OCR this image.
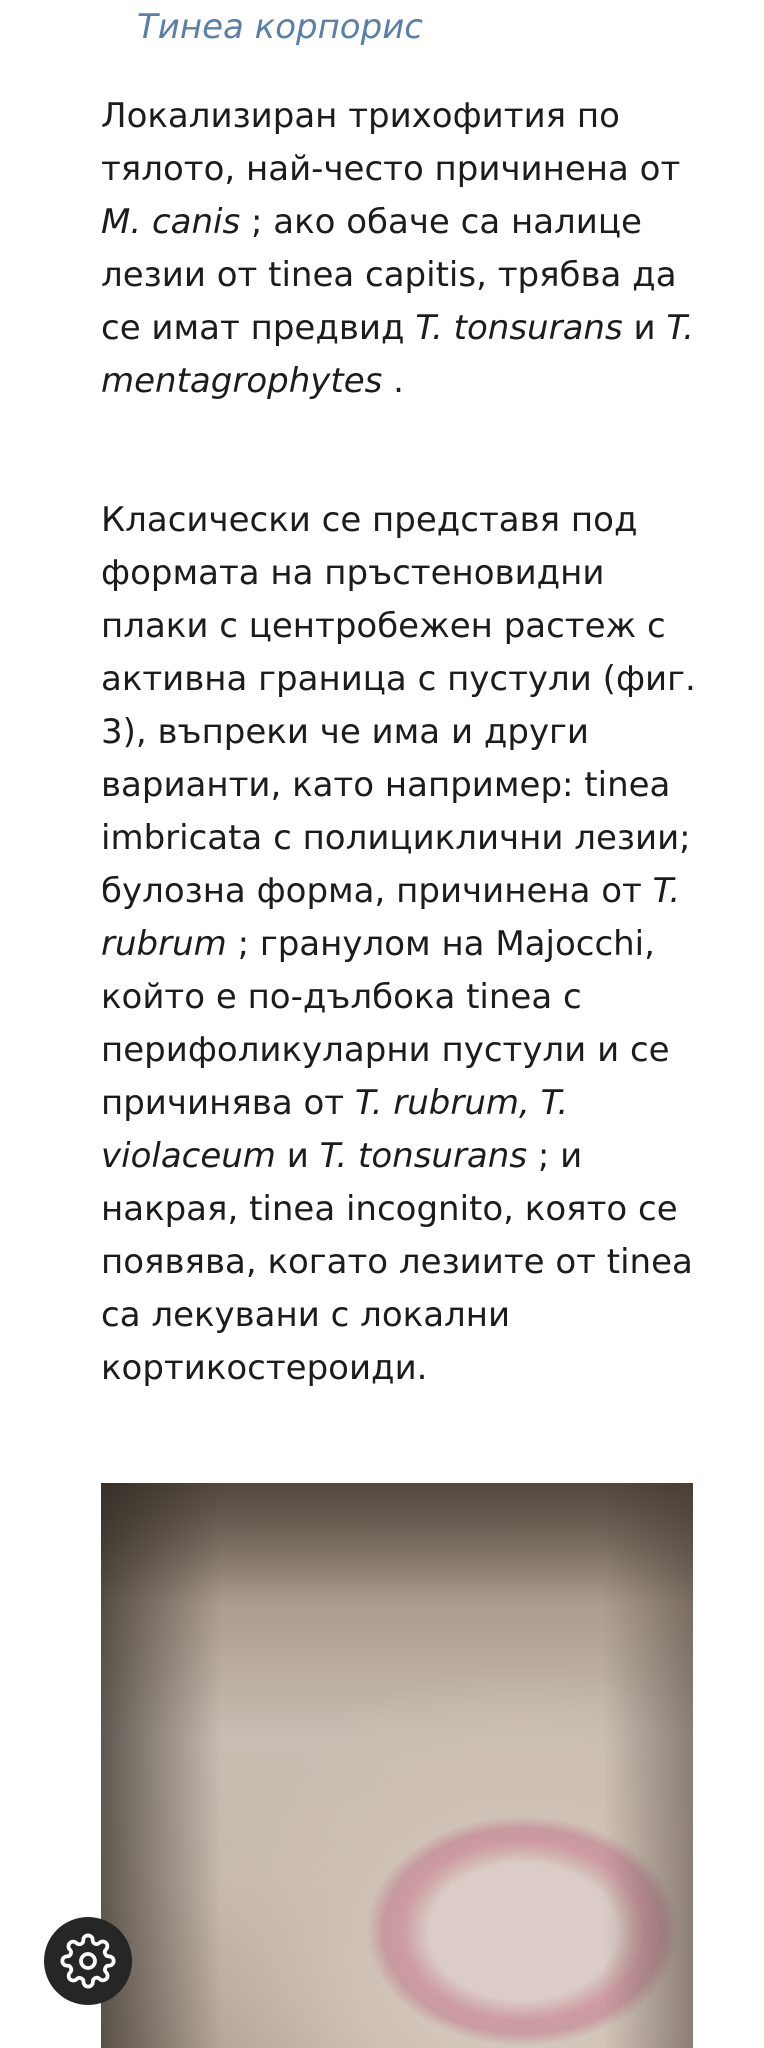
Тинеа корпорис

Локализиран трихофития по тялото, най-често причинена от M. canis ; ако обаче са налице лезии от tinea capitis, трябва да се имат предвид T. tonsurans и T. mentagrophytes .

Класически се представя под формата на пръстеновидни плаки с центробежен растеж с активна граница с пустули (фиг. 3), въпреки че има и други варианти, като например: tinea imbricata с полициклични лезии; булозна форма, причинена от T. rubrum ; гранулом на Majocchi, който е по-дълбока tinea с перифоликуларни пустули и се причинява от T. rubrum, T. violaceum и T. tonsurans ; и накрая, tinea incognito, която се появява, когато лезиите от tinea са лекувани с локални кортикостероиди.
